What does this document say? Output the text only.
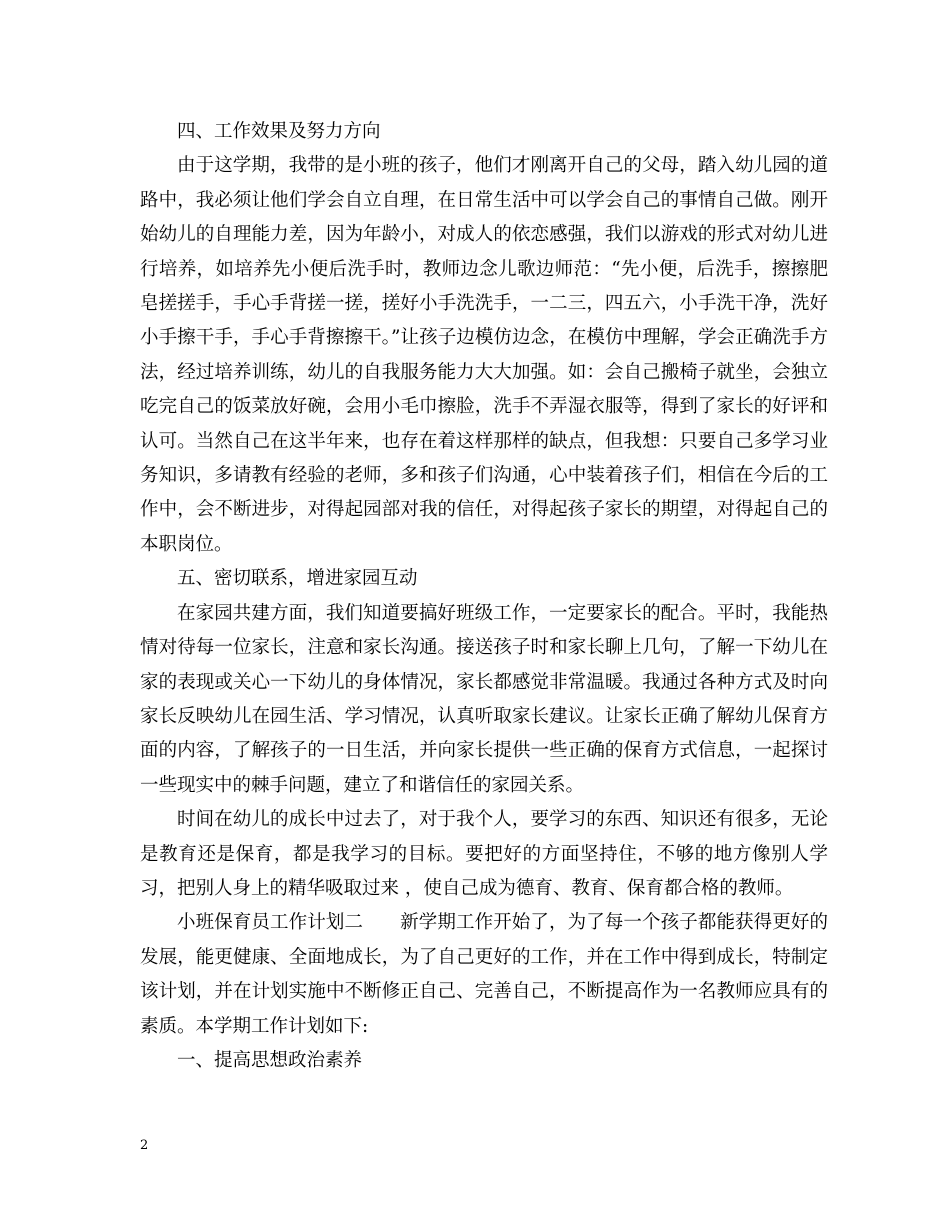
四、工作效果及努力方向

由于这学期，我带的是小班的孩子，他们才刚离开自己的父母，踏入幼儿园的道路中，我必须让他们学会自立自理，在日常生活中可以学会自己的事情自己做。刚开始幼儿的自理能力差，因为年龄小，对成人的依恋感强，我们以游戏的形式对幼儿进行培养，如培养先小便后洗手时，教师边念儿歌边师范：“先小便，后洗手，擦擦肥皂搓搓手，手心手背搓一搓，搓好小手洗洗手，一二三，四五六，小手洗干净，洗好小手擦干手，手心手背擦擦干。”让孩子边模仿边念，在模仿中理解，学会正确洗手方法，经过培养训练，幼儿的自我服务能力大大加强。如：会自己搬椅子就坐，会独立吃完自己的饭菜放好碗，会用小毛巾擦脸，洗手不弄湿衣服等，得到了家长的好评和认可。当然自己在这半年来，也存在着这样那样的缺点，但我想：只要自己多学习业务知识，多请教有经验的老师，多和孩子们沟通，心中装着孩子们，相信在今后的工作中，会不断进步，对得起园部对我的信任，对得起孩子家长的期望，对得起自己的本职岗位。

五、密切联系，增进家园互动

在家园共建方面，我们知道要搞好班级工作，一定要家长的配合。平时，我能热情对待每一位家长，注意和家长沟通。接送孩子时和家长聊上几句，了解一下幼儿在家的表现或关心一下幼儿的身体情况，家长都感觉非常温暖。我通过各种方式及时向家长反映幼儿在园生活、学习情况，认真听取家长建议。让家长正确了解幼儿保育方面的内容，了解孩子的一日生活，并向家长提供一些正确的保育方式信息，一起探讨一些现实中的棘手问题，建立了和谐信任的家园关系。

时间在幼儿的成长中过去了，对于我个人，要学习的东西、知识还有很多，无论是教育还是保育，都是我学习的目标。要把好的方面坚持住，不够的地方像别人学习，把别人身上的精华吸取过来 ，使自己成为德育、教育、保育都合格的教师。

小班保育员工作计划二 新学期工作开始了，为了每一个孩子都能获得更好的发展，能更健康、全面地成长，为了自己更好的工作，并在工作中得到成长，特制定该计划，并在计划实施中不断修正自己、完善自己，不断提高作为一名教师应具有的素质。本学期工作计划如下:

一、提高思想政治素养

2
